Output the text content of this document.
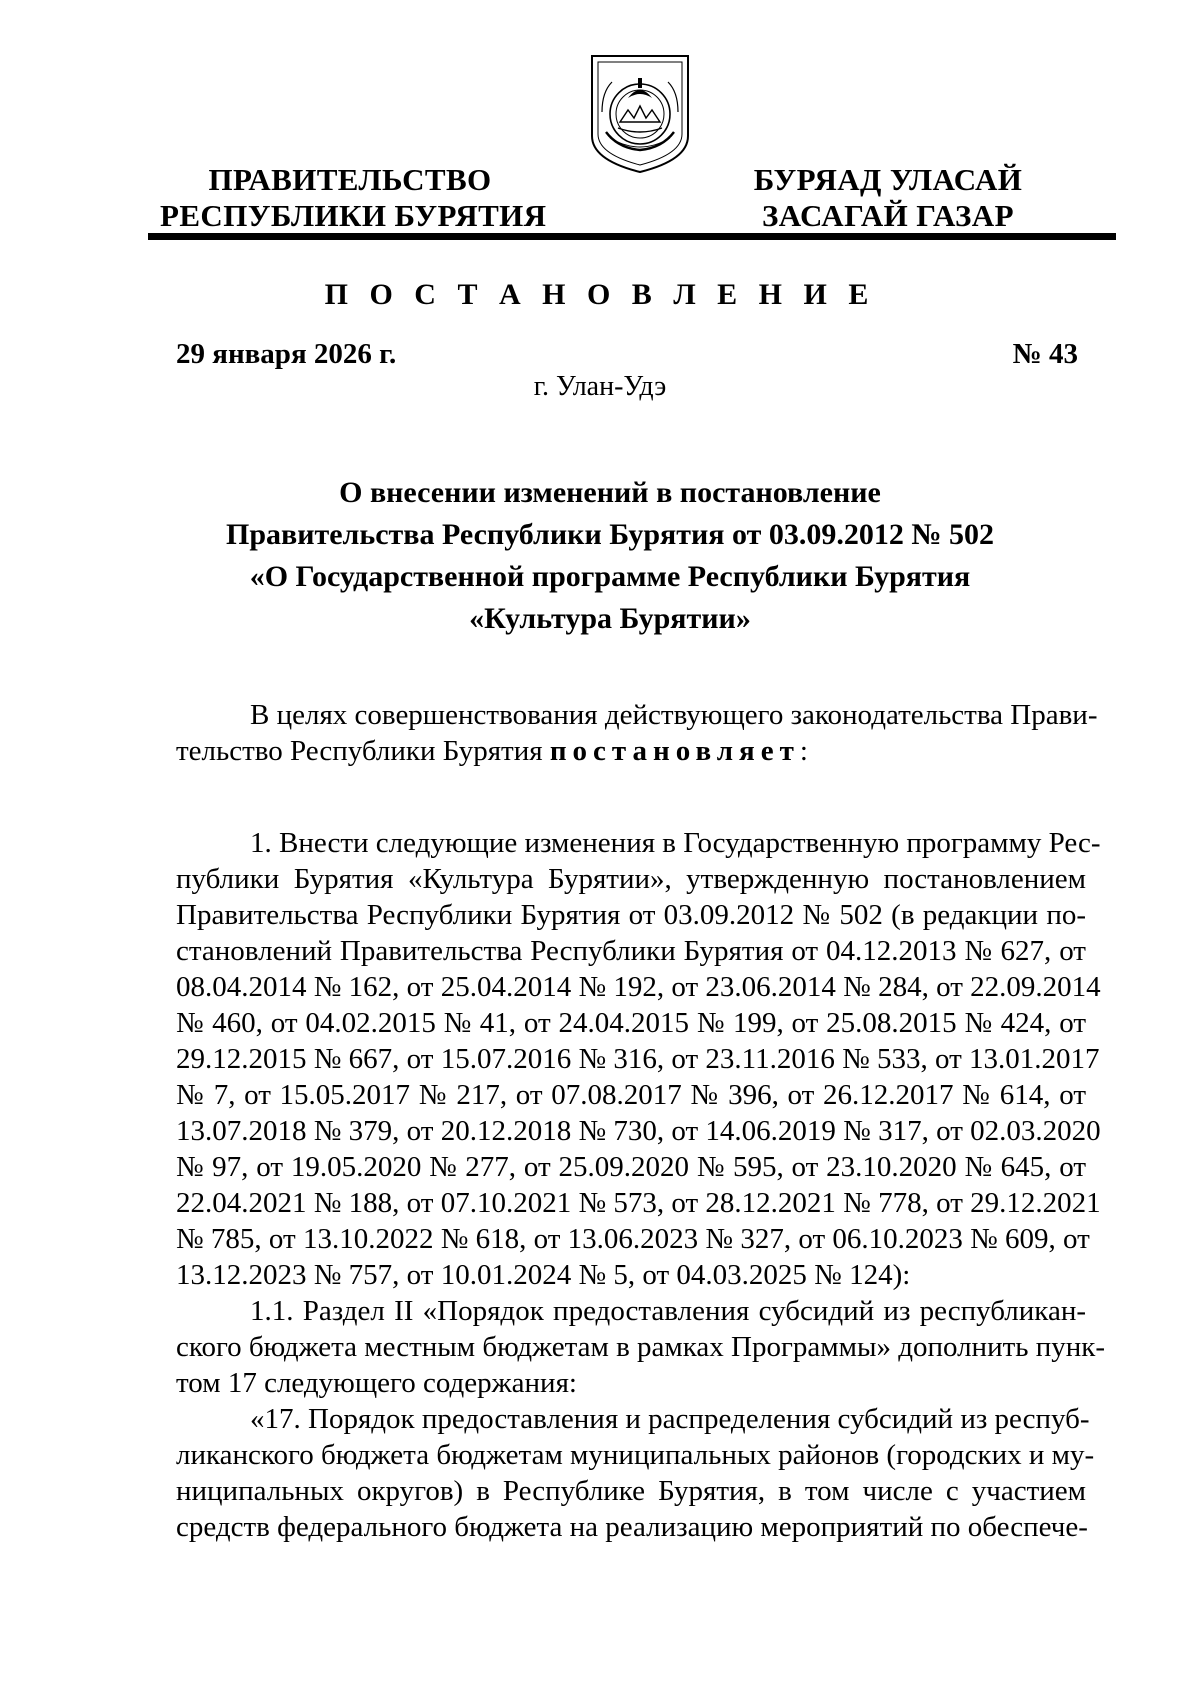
ПРАВИТЕЛЬСТВО
РЕСПУБЛИКИ БУРЯТИЯ
БУРЯАД УЛАСАЙ
ЗАСАГАЙ ГАЗАР
П О С Т А Н О В Л Е Н И Е
29 января 2026 г.	№ 43
г. Улан-Удэ
О внесении изменений в постановление
Правительства Республики Бурятия от 03.09.2012 № 502
«О Государственной программе Республики Бурятия
«Культура Бурятии»
В целях совершенствования действующего законодательства Прави-
тельство Республики Бурятия постановляет:
1. Внести следующие изменения в Государственную программу Рес-
публики Бурятия «Культура Бурятии», утвержденную постановлением
Правительства Республики Бурятия от 03.09.2012 № 502 (в редакции по-
становлений Правительства Республики Бурятия от 04.12.2013 № 627, от
08.04.2014 № 162, от 25.04.2014 № 192, от 23.06.2014 № 284, от 22.09.2014
№ 460, от 04.02.2015 № 41, от 24.04.2015 № 199, от 25.08.2015 № 424, от
29.12.2015 № 667, от 15.07.2016 № 316, от 23.11.2016 № 533, от 13.01.2017
№ 7, от 15.05.2017 № 217, от 07.08.2017 № 396, от 26.12.2017 № 614, от
13.07.2018 № 379, от 20.12.2018 № 730, от 14.06.2019 № 317, от 02.03.2020
№ 97, от 19.05.2020 № 277, от 25.09.2020 № 595, от 23.10.2020 № 645, от
22.04.2021 № 188, от 07.10.2021 № 573, от 28.12.2021 № 778, от 29.12.2021
№ 785, от 13.10.2022 № 618, от 13.06.2023 № 327, от 06.10.2023 № 609, от
13.12.2023 № 757, от 10.01.2024 № 5, от 04.03.2025 № 124):
1.1. Раздел II «Порядок предоставления субсидий из республикан-
ского бюджета местным бюджетам в рамках Программы» дополнить пунк-
том 17 следующего содержания:
«17. Порядок предоставления и распределения субсидий из респуб-
ликанского бюджета бюджетам муниципальных районов (городских и му-
ниципальных округов) в Республике Бурятия, в том числе с участием
средств федерального бюджета на реализацию мероприятий по обеспече-
